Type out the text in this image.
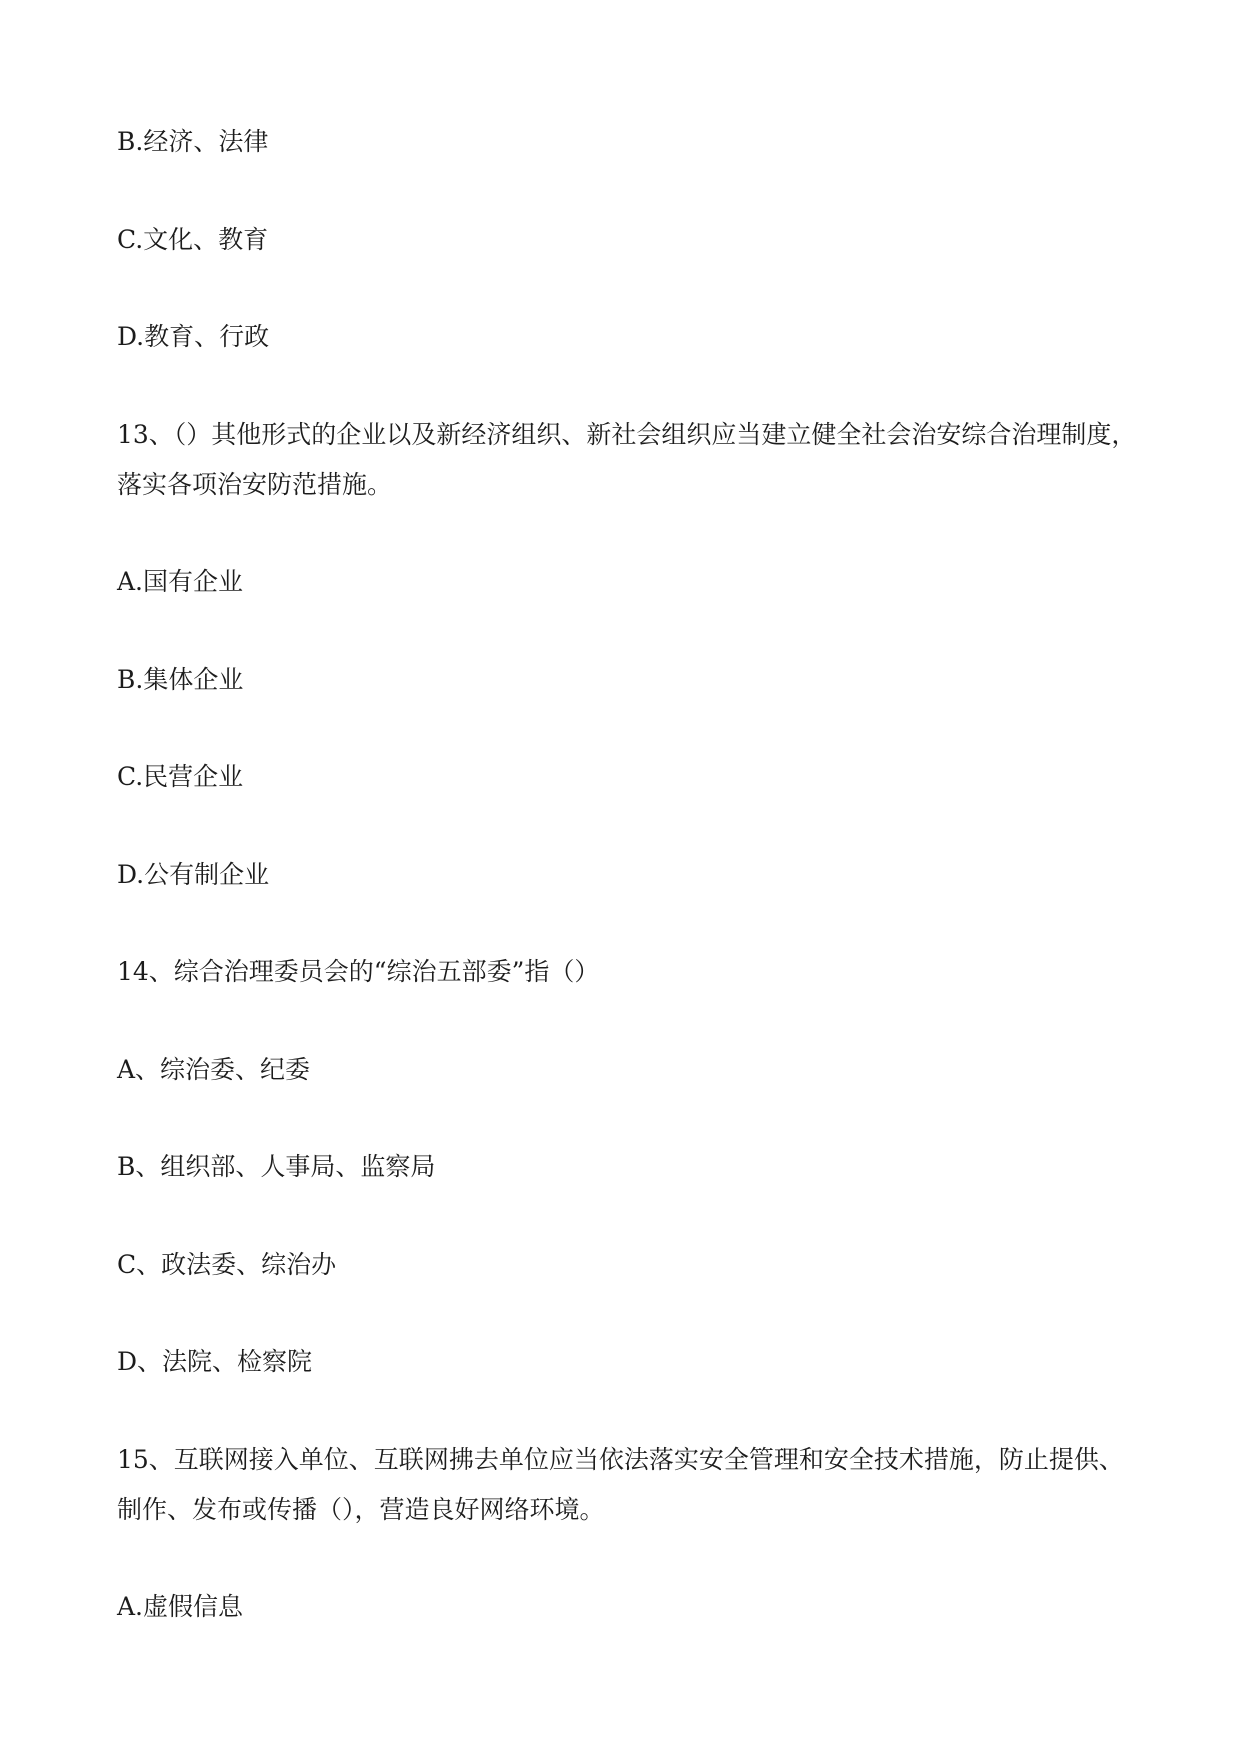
B.经济、法律
C.文化、教育
D.教育、行政
13、（）其他形式的企业以及新经济组织、新社会组织应当建立健全社会治安综合治理制度，
落实各项治安防范措施。
A.国有企业
B.集体企业
C.民营企业
D.公有制企业
14、综合治理委员会的“综治五部委”指（）
A、综治委、纪委
B、组织部、人事局、监察局
C、政法委、综治办
D、法院、检察院
15、互联网接入单位、互联网拂去单位应当依法落实安全管理和安全技术措施，防止提供、
制作、发布或传播（），营造良好网络环境。
A.虚假信息
